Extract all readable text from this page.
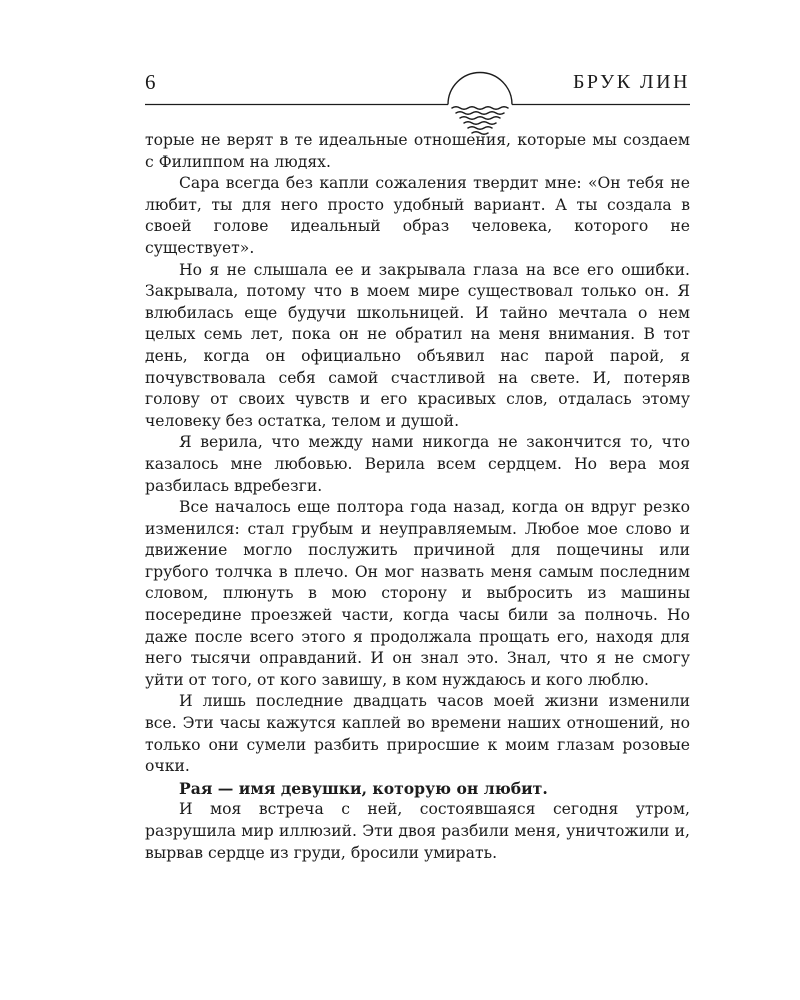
6	БРУК ЛИН

торые не верят в те идеальные отношения, которые мы создаем с Филиппом на людях.

Сара всегда без капли сожаления твердит мне: «Он тебя не любит, ты для него просто удобный вариант. А ты создала в своей голове идеальный образ человека, которого не существует».

Но я не слышала ее и закрывала глаза на все его ошибки. Закрывала, потому что в моем мире существовал только он. Я влюбилась еще будучи школьницей. И тайно мечтала о нем целых семь лет, пока он не обратил на меня внимания. В тот день, когда он официально объявил нас парой парой, я почувствовала себя самой счастливой на свете. И, потеряв голову от своих чувств и его красивых слов, отдалась этому человеку без остатка, телом и душой.

Я верила, что между нами никогда не закончится то, что казалось мне любовью. Верила всем сердцем. Но вера моя разбилась вдребезги.

Все началось еще полтора года назад, когда он вдруг резко изменился: стал грубым и неуправляемым. Любое мое слово и движение могло послужить причиной для пощечины или грубого толчка в плечо. Он мог назвать меня самым последним словом, плюнуть в мою сторону и выбросить из машины посередине проезжей части, когда часы били за полночь. Но даже после всего этого я продолжала прощать его, находя для него тысячи оправданий. И он знал это. Знал, что я не смогу уйти от того, от кого завишу, в ком нуждаюсь и кого люблю.

И лишь последние двадцать часов моей жизни изменили все. Эти часы кажутся каплей во времени наших отношений, но только они сумели разбить приросшие к моим глазам розовые очки.

Рая — имя девушки, которую он любит.

И моя встреча с ней, состоявшаяся сегодня утром, разрушила мир иллюзий. Эти двоя разбили меня, уничтожили и, вырвав сердце из груди, бросили умирать.
